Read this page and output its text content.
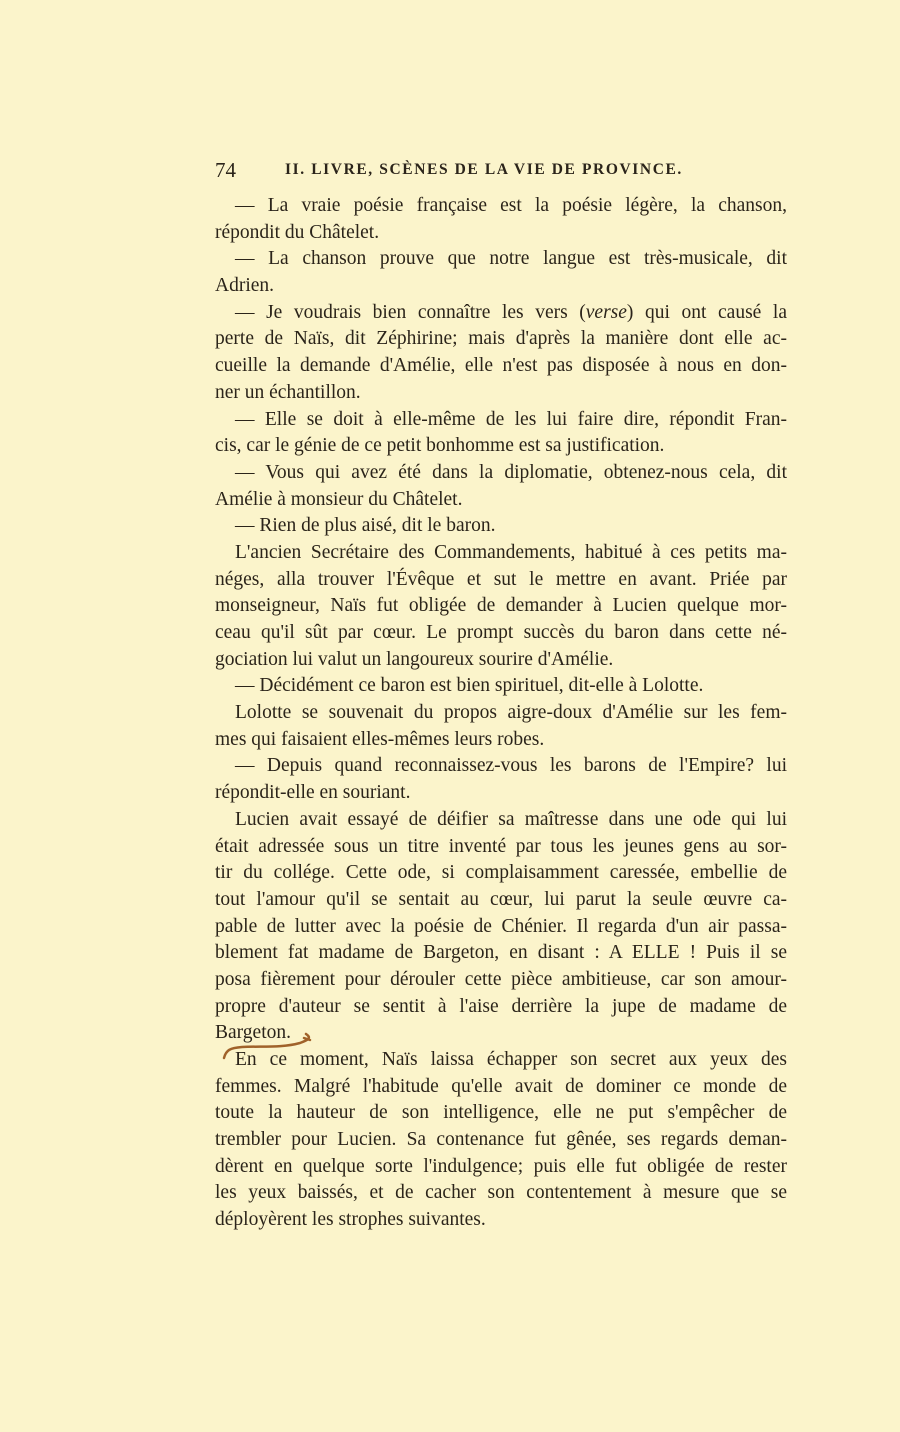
74	II. LIVRE, SCÈNES DE LA VIE DE PROVINCE.
— La vraie poésie française est la poésie légère, la chanson,
répondit du Châtelet.
— La chanson prouve que notre langue est très-musicale, dit
Adrien.
— Je voudrais bien connaître les vers (verse) qui ont causé la
perte de Naïs, dit Zéphirine; mais d'après la manière dont elle ac-
cueille la demande d'Amélie, elle n'est pas disposée à nous en don-
ner un échantillon.
— Elle se doit à elle-même de les lui faire dire, répondit Fran-
cis, car le génie de ce petit bonhomme est sa justification.
— Vous qui avez été dans la diplomatie, obtenez-nous cela, dit
Amélie à monsieur du Châtelet.
— Rien de plus aisé, dit le baron.
L'ancien Secrétaire des Commandements, habitué à ces petits ma-
néges, alla trouver l'Évêque et sut le mettre en avant. Priée par
monseigneur, Naïs fut obligée de demander à Lucien quelque mor-
ceau qu'il sût par cœur. Le prompt succès du baron dans cette né-
gociation lui valut un langoureux sourire d'Amélie.
— Décidément ce baron est bien spirituel, dit-elle à Lolotte.
Lolotte se souvenait du propos aigre-doux d'Amélie sur les fem-
mes qui faisaient elles-mêmes leurs robes.
— Depuis quand reconnaissez-vous les barons de l'Empire? lui
répondit-elle en souriant.
Lucien avait essayé de déifier sa maîtresse dans une ode qui lui
était adressée sous un titre inventé par tous les jeunes gens au sor-
tir du collége. Cette ode, si complaisamment caressée, embellie de
tout l'amour qu'il se sentait au cœur, lui parut la seule œuvre ca-
pable de lutter avec la poésie de Chénier. Il regarda d'un air passa-
blement fat madame de Bargeton, en disant : A ELLE ! Puis il se
posa fièrement pour dérouler cette pièce ambitieuse, car son amour-
propre d'auteur se sentit à l'aise derrière la jupe de madame de
Bargeton.
En ce moment, Naïs laissa échapper son secret aux yeux des
femmes. Malgré l'habitude qu'elle avait de dominer ce monde de
toute la hauteur de son intelligence, elle ne put s'empêcher de
trembler pour Lucien. Sa contenance fut gênée, ses regards deman-
dèrent en quelque sorte l'indulgence; puis elle fut obligée de rester
les yeux baissés, et de cacher son contentement à mesure que se
déployèrent les strophes suivantes.
